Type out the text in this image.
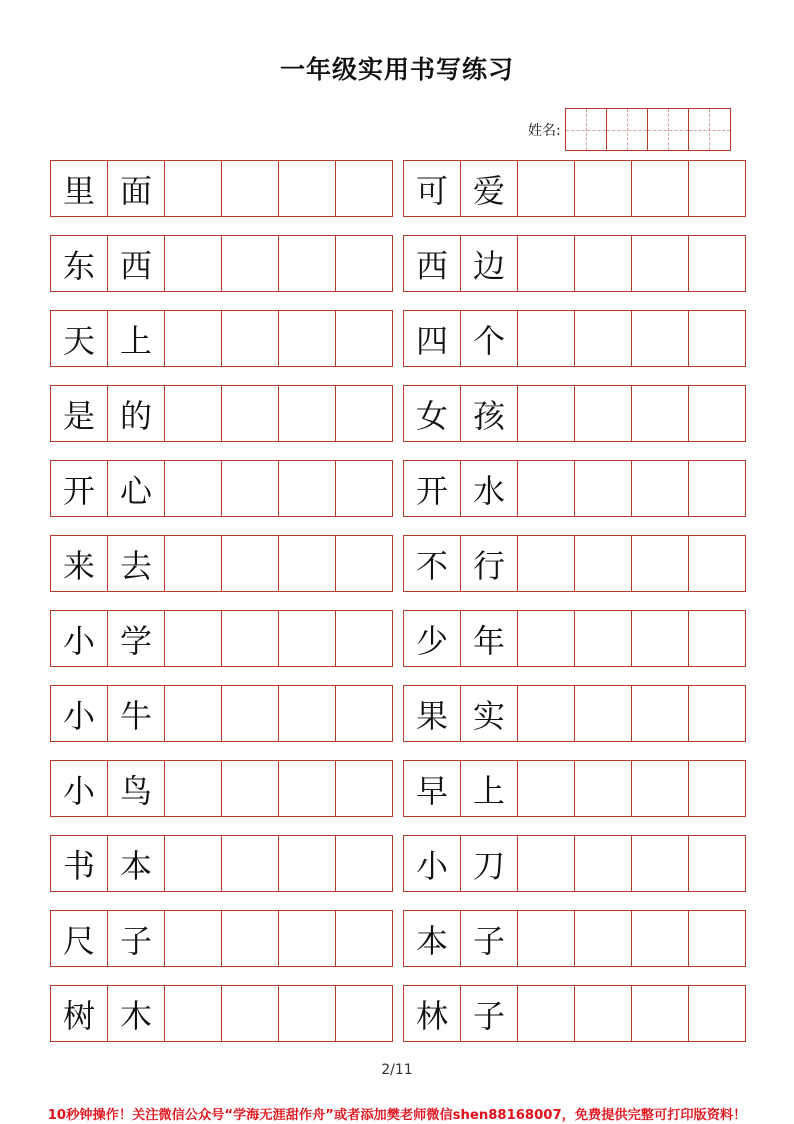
一年级实用书写练习
姓名:
里 面	可 爱
东 西	西 边
天 上	四 个
是 的	女 孩
开 心	开 水
来 去	不 行
小 学	少 年
小 牛	果 实
小 鸟	早 上
书 本	小 刀
尺 子	本 子
树 木	林 子
2/11
10秒钟操作！关注微信公众号“学海无涯甜作舟”或者添加樊老师微信shen88168007，免费提供完整可打印版资料！
